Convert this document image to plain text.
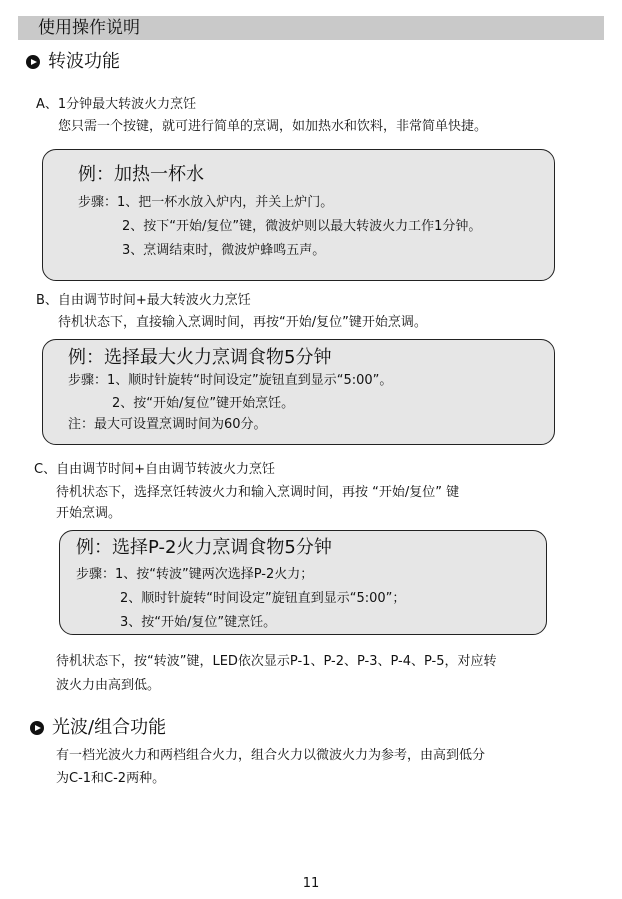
使用操作说明
转波功能
A、1分钟最大转波火力烹饪
您只需一个按键，就可进行简单的烹调，如加热水和饮料，非常简单快捷。
例：加热一杯水
步骤：1、把一杯水放入炉内，并关上炉门。
2、按下“开始/复位”键，微波炉则以最大转波火力工作1分钟。
3、烹调结束时，微波炉蜂鸣五声。
B、自由调节时间+最大转波火力烹饪
待机状态下，直接输入烹调时间，再按“开始/复位”键开始烹调。
例：选择最大火力烹调食物5分钟
步骤：1、顺时针旋转“时间设定”旋钮直到显示“5:00”。
2、按“开始/复位”键开始烹饪。
注：最大可设置烹调时间为60分。
C、自由调节时间+自由调节转波火力烹饪
待机状态下，选择烹饪转波火力和输入烹调时间，再按 “开始/复位” 键
开始烹调。
例：选择P-2火力烹调食物5分钟
步骤：1、按“转波”键两次选择P-2火力；
2、顺时针旋转“时间设定”旋钮直到显示“5:00”；
3、按“开始/复位”键烹饪。
待机状态下，按“转波”键，LED依次显示P-1、P-2、P-3、P-4、P-5，对应转
波火力由高到低。
光波/组合功能
有一档光波火力和两档组合火力，组合火力以微波火力为参考，由高到低分
为C-1和C-2两种。
11
